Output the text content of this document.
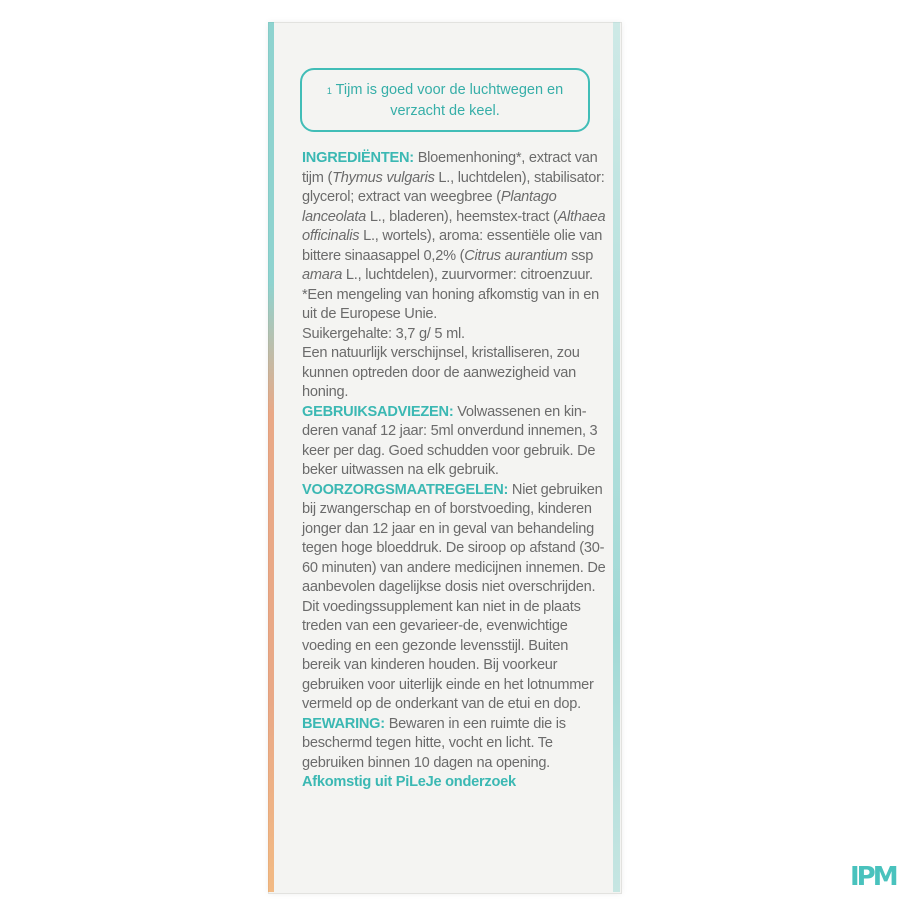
$^1$ Tijm is goed voor de luchtwegen en verzacht de keel.

INGREDIËNTEN: Bloemenhoning*, extract van tijm (Thymus vulgaris L., luchtdelen), stabilisator: glycerol; extract van weegbree (Plantago lanceolata L., bladeren), heemstex-tract (Althaea officinalis L., wortels), aroma: essentiële olie van bittere sinaasappel 0,2% (Citrus aurantium ssp amara L., luchtdelen), zuurvormer: citroenzuur.

*Een mengeling van honing afkomstig van in en uit de Europese Unie.

Suikergehalte: 3,7 g/ 5 ml.

Een natuurlijk verschijnsel, kristalliseren, zou kunnen optreden door de aanwezigheid van honing.

GEBRUIKSADVIEZEN: Volwassenen en kin-deren vanaf 12 jaar: 5ml onverdund innemen, 3 keer per dag. Goed schudden voor gebruik. De beker uitwassen na elk gebruik.

VOORZORGSMAATREGELEN: Niet gebruiken bij zwangerschap en of borstvoeding, kinderen jonger dan 12 jaar en in geval van behandeling tegen hoge bloeddruk. De siroop op afstand (30-60 minuten) van andere medicijnen innemen. De aanbevolen dagelijkse dosis niet overschrijden. Dit voedingssupplement kan niet in de plaats treden van een gevarieer-de, evenwichtige voeding en een gezonde levensstijl. Buiten bereik van kinderen houden. Bij voorkeur gebruiken voor uiterlijk einde en het lotnummer vermeld op de onderkant van de etui en dop.

BEWARING: Bewaren in een ruimte die is beschermd tegen hitte, vocht en licht. Te gebruiken binnen 10 dagen na opening.

Afkomstig uit PiLeJe onderzoek

IPM
